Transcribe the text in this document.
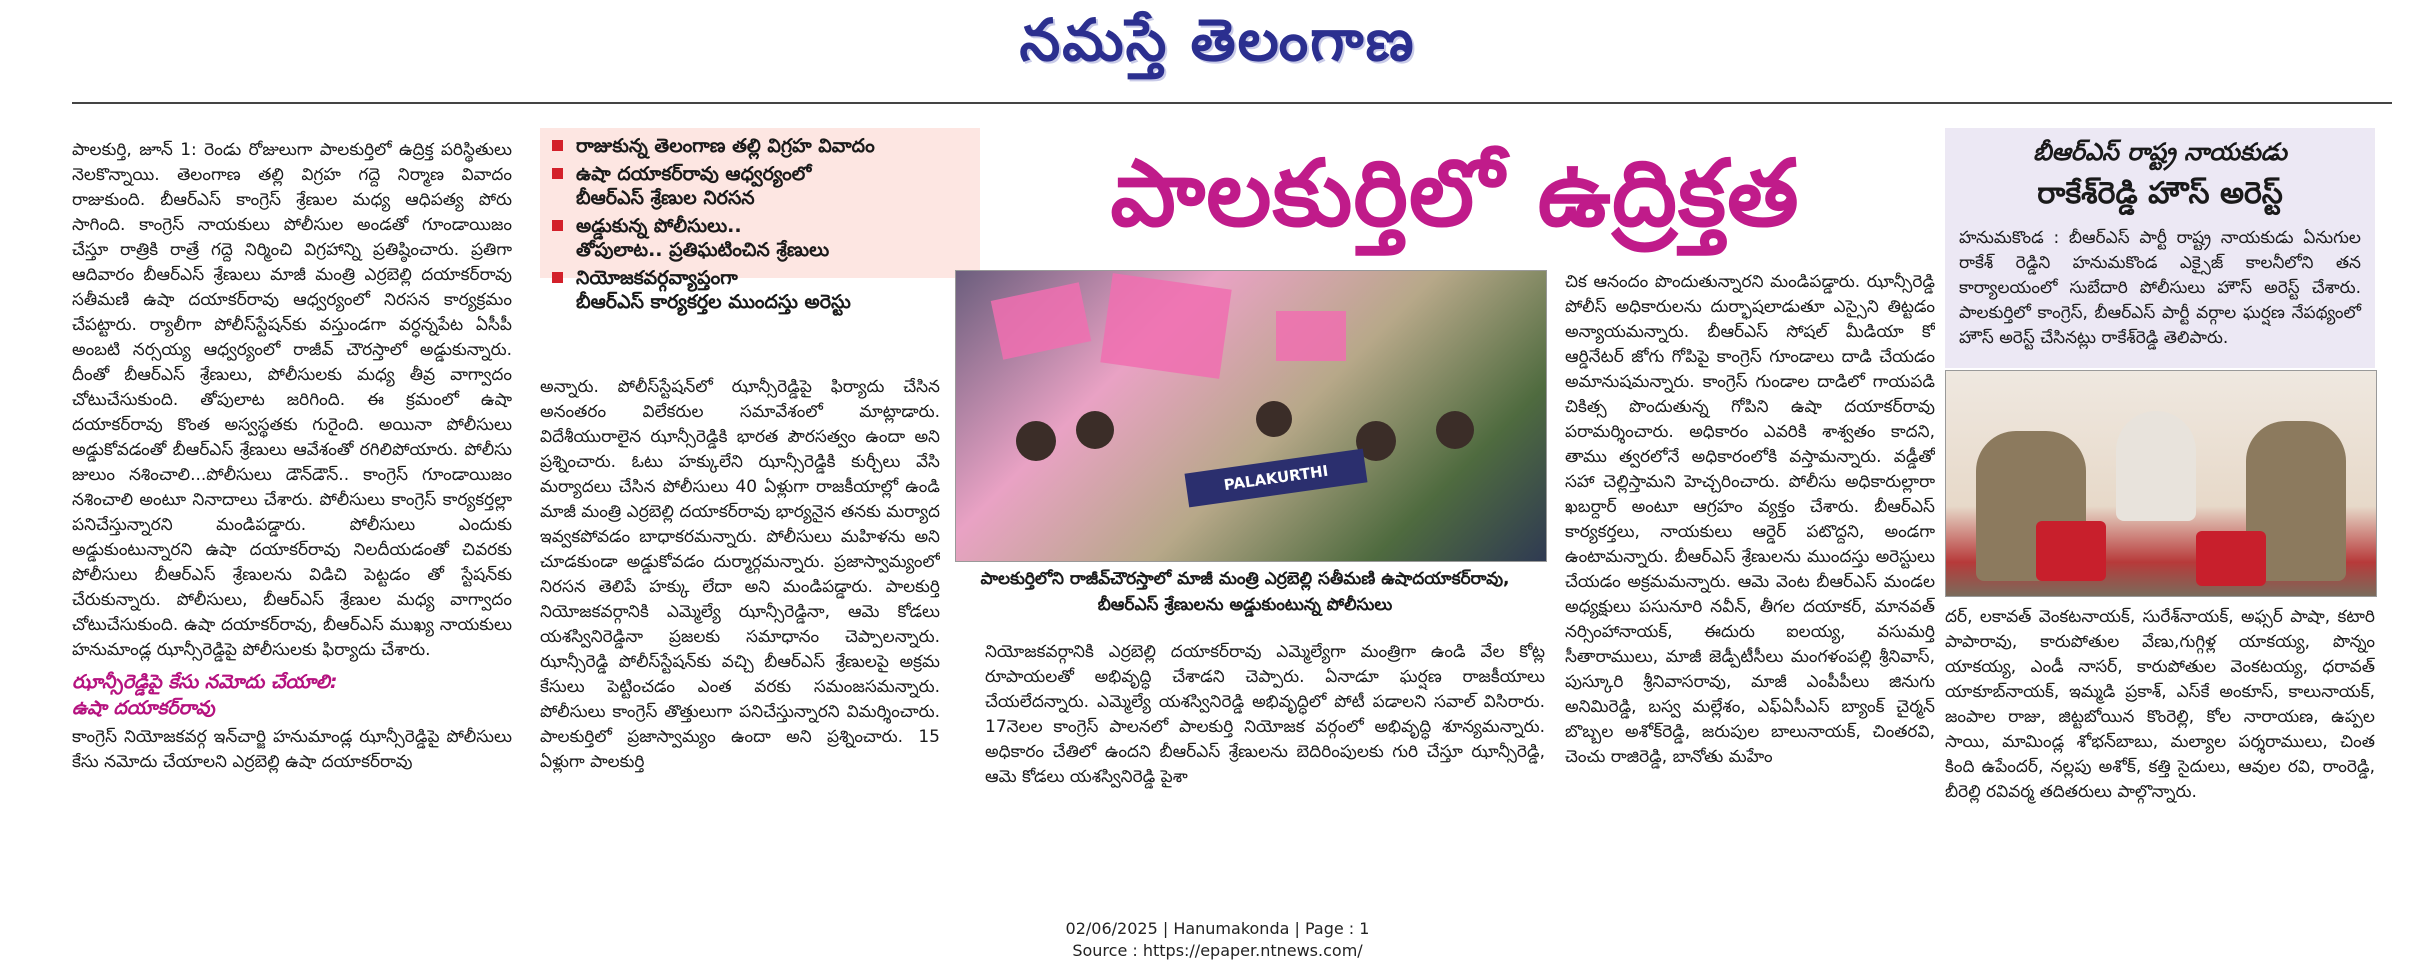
నమస్తే తెలంగాణ

పాలకుర్తి, జూన్ 1: రెండు రోజులుగా పాలకుర్తిలో ఉద్రిక్త పరిస్థితులు నెలకొన్నాయి. తెలంగాణ తల్లి విగ్రహ గద్దె నిర్మాణ వివాదం రాజుకుంది. బీఆర్‌ఎస్ కాంగ్రెస్ శ్రేణుల మధ్య ఆధిపత్య పోరు సాగింది. కాంగ్రెస్ నాయకులు పోలీసుల అండతో గూండాయిజం చేస్తూ రాత్రికి రాత్రే గద్దె నిర్మించి విగ్రహాన్ని ప్రతిష్ఠించారు. ప్రతిగా ఆదివారం బీఆర్‌ఎస్ శ్రేణులు మాజీ మంత్రి ఎర్రబెల్లి దయాకర్‌రావు సతీమణి ఉషా దయాకర్‌రావు ఆధ్వర్యంలో నిరసన కార్యక్రమం చేపట్టారు. ర్యాలీగా పోలీస్‌స్టేషన్‌కు వస్తుండగా వర్ధన్నపేట ఏసీపీ అంబటి నర్సయ్య ఆధ్వర్యంలో రాజీవ్ చౌరస్తాలో అడ్డుకున్నారు. దీంతో బీఆర్‌ఎస్ శ్రేణులు, పోలీసులకు మధ్య తీవ్ర వాగ్వాదం చోటుచేసుకుంది. తోపులాట జరిగింది. ఈ క్రమంలో ఉషా దయాకర్‌రావు కొంత అస్వస్థతకు గురైంది. అయినా పోలీసులు అడ్డుకోవడంతో బీఆర్‌ఎస్ శ్రేణులు ఆవేశంతో రగిలిపోయారు. పోలీసు జులుం నశించాలి...పోలీసులు డౌన్‌డౌన్.. కాంగ్రెస్ గూండాయిజం నశించాలి అంటూ నినాదాలు చేశారు. పోలీసులు కాంగ్రెస్ కార్యకర్తల్లా పనిచేస్తున్నారని మండిపడ్డారు. పోలీసులు ఎందుకు అడ్డుకుంటున్నారని ఉషా దయాకర్‌రావు నిలదీయడంతో చివరకు పోలీసులు బీఆర్‌ఎస్ శ్రేణులను విడిచి పెట్టడం తో స్టేషన్‌కు చేరుకున్నారు. పోలీసులు, బీఆర్‌ఎస్ శ్రేణుల మధ్య వాగ్వాదం చోటుచేసుకుంది. ఉషా దయాకర్‌రావు, బీఆర్‌ఎస్ ముఖ్య నాయకులు హనుమాండ్ల ఝాన్సీరెడ్డిపై పోలీసులకు ఫిర్యాదు చేశారు.

ఝాన్సీరెడ్డిపై కేసు నమోదు చేయాలి:
ఉషా దయాకర్‌రావు

కాంగ్రెస్ నియోజకవర్గ ఇన్‌చార్జి హనుమాండ్ల ఝాన్సీరెడ్డిపై పోలీసులు కేసు నమోదు చేయాలని ఎర్రబెల్లి ఉషా దయాకర్‌రావు

రాజుకున్న తెలంగాణ తల్లి విగ్రహ వివాదం
ఉషా దయాకర్‌రావు ఆధ్వర్యంలో
బీఆర్‌ఎస్ శ్రేణుల నిరసన
అడ్డుకున్న పోలీసులు..
తోపులాట.. ప్రతిఘటించిన శ్రేణులు
నియోజకవర్గవ్యాప్తంగా
బీఆర్‌ఎస్ కార్యకర్తల ముందస్తు అరెస్టు
పాలకుర్తిలో ఉద్రిక్తత
PALAKURTHI
పాలకుర్తిలోని రాజీవ్‌చౌరస్తాలో మాజీ మంత్రి ఎర్రబెల్లి సతీమణి ఉషాదయాకర్‌రావు,
బీఆర్‌ఎస్ శ్రేణులను అడ్డుకుంటున్న పోలీసులు

అన్నారు. పోలీస్‌స్టేషన్‌లో ఝాన్సీరెడ్డిపై ఫిర్యాదు చేసిన అనంతరం విలేకరుల సమావేశంలో మాట్లాడారు. విదేశీయురాలైన ఝాన్సీరెడ్డికి భారత పౌరసత్వం ఉందా అని ప్రశ్నించారు. ఓటు హక్కులేని ఝాన్సీరెడ్డికి కుర్చీలు వేసి మర్యాదలు చేసిన పోలీసులు 40 ఏళ్లుగా రాజకీయాల్లో ఉండి మాజీ మంత్రి ఎర్రబెల్లి దయాకర్‌రావు భార్యనైన తనకు మర్యాద ఇవ్వకపోవడం బాధాకరమన్నారు. పోలీసులు మహిళను అని చూడకుండా అడ్డుకోవడం దుర్మార్గమన్నారు. ప్రజాస్వామ్యంలో నిరసన తెలిపే హక్కు లేదా అని మండిపడ్డారు. పాలకుర్తి నియోజకవర్గానికి ఎమ్మెల్యే ఝాన్సీరెడ్డినా, ఆమె కోడలు యశస్వినిరెడ్డినా ప్రజలకు సమాధానం చెప్పాలన్నారు. ఝాన్సీరెడ్డి పోలీస్‌స్టేషన్‌కు వచ్చి బీఆర్‌ఎస్ శ్రేణులపై అక్రమ కేసులు పెట్టించడం ఎంత వరకు సమంజసమన్నారు. పోలీసులు కాంగ్రెస్ తొత్తులుగా పనిచేస్తున్నారని విమర్శించారు. పాలకుర్తిలో ప్రజాస్వామ్యం ఉందా అని ప్రశ్నించారు. 15 ఏళ్లుగా పాలకుర్తి

నియోజకవర్గానికి ఎర్రబెల్లి దయాకర్‌రావు ఎమ్మెల్యేగా మంత్రిగా ఉండి వేల కోట్ల రూపాయలతో అభివృద్ధి చేశాడని చెప్పారు. ఏనాడూ ఘర్షణ రాజకీయాలు చేయలేదన్నారు. ఎమ్మెల్యే యశస్వినిరెడ్డి అభివృద్ధిలో పోటీ పడాలని సవాల్ విసిరారు. 17నెలల కాంగ్రెస్ పాలనలో పాలకుర్తి నియోజక వర్గంలో అభివృద్ధి శూన్యమన్నారు. అధికారం చేతిలో ఉందని బీఆర్‌ఎస్ శ్రేణులను బెదిరింపులకు గురి చేస్తూ ఝాన్సీరెడ్డి, ఆమె కోడలు యశస్వినిరెడ్డి పైశా

చిక ఆనందం పొందుతున్నారని మండిపడ్డారు. ఝాన్సీరెడ్డి పోలీస్ అధికారులను దుర్భాషలాడుతూ ఎస్సైని తిట్టడం అన్యాయమన్నారు. బీఆర్‌ఎస్ సోషల్ మీడియా కో ఆర్డినేటర్ జోగు గోపిపై కాంగ్రెస్ గూండాలు దాడి చేయడం అమానుషమన్నారు. కాంగ్రెస్ గుండాల దాడిలో గాయపడి చికిత్స పొందుతున్న గోపిని ఉషా దయాకర్‌రావు పరామర్శించారు. అధికారం ఎవరికి శాశ్వతం కాదని, తాము త్వరలోనే అధికారంలోకి వస్తామన్నారు. వడ్డీతో సహా చెల్లిస్తామని హెచ్చరించారు. పోలీసు అధికారుల్లారా ఖబర్దార్ అంటూ ఆగ్రహం వ్యక్తం చేశారు. బీఆర్‌ఎస్ కార్యకర్తలు, నాయకులు ఆర్డెర్ పటొద్దని, అండగా ఉంటామన్నారు. బీఆర్‌ఎస్ శ్రేణులను ముందస్తు అరెస్టులు చేయడం అక్రమమన్నారు. ఆమె వెంట బీఆర్‌ఎస్ మండల అధ్యక్షులు పసునూరి నవీన్, తీగల దయాకర్, మానవత్ నర్సింహానాయక్, ఈదురు ఐలయ్య, వసుమర్తి సీతారాములు, మాజీ జెడ్పీటీసీలు మంగళంపల్లి శ్రీనివాస్, పుస్కూరి శ్రీనివాసరావు, మాజీ ఎంపీపీలు జినుగు అనిమిరెడ్డి, బస్వ మల్లేశం, ఎఫ్‌ఏసీఎస్ బ్యాంక్ చైర్మన్ బొబ్బల అశోక్‌రెడ్డి, జరుపుల బాలునాయక్, చింతరవి, చెంచు రాజిరెడ్డి, బానోతు మహేం

బీఆర్‌ఎస్ రాష్ట్ర నాయకుడు
రాకేశ్‌రెడ్డి హౌస్ అరెస్ట్
హనుమకొండ : బీఆర్‌ఎస్ పార్టీ రాష్ట్ర నాయకుడు ఏనుగుల రాకేశ్ రెడ్డిని హనుమకొండ ఎక్సైజ్ కాలనీలోని తన కార్యాలయంలో సుబేదారి పోలీసులు హౌస్ అరెస్ట్ చేశారు. పాలకుర్తిలో కాంగ్రెస్, బీఆర్‌ఎస్ పార్టీ వర్గాల ఘర్షణ నేపథ్యంలో హౌస్ అరెస్ట్ చేసినట్లు రాకేశ్‌రెడ్డి తెలిపారు.

దర్, లకావత్ వెంకటనాయక్, సురేశ్‌నాయక్, అఫ్సర్ పాషా, కటారి పాపారావు, కారుపోతుల వేణు,గుగ్గిళ్ల యాకయ్య, పొన్నం యాకయ్య, ఎండీ నాసర్, కారుపోతుల వెంకటయ్య, ధరావత్ యాకూబ్‌నాయక్, ఇమ్మడి ప్రకాశ్, ఎస్‌కే అంకూస్, కాలునాయక్, జంపాల రాజు, జిట్టబోయిన కొంరెల్లి, కోల నారాయణ, ఉప్పల సాయి, మామిండ్ల శోభన్‌బాబు, మల్యాల పర్శరాములు, చింత కింది ఉపేందర్, నల్లపు అశోక్, కత్తి సైదులు, ఆవుల రవి, రాంరెడ్డి, బీరెల్లి రవివర్మ తదితరులు పాల్గొన్నారు.

02/06/2025 | Hanumakonda | Page : 1
Source : https://epaper.ntnews.com/
